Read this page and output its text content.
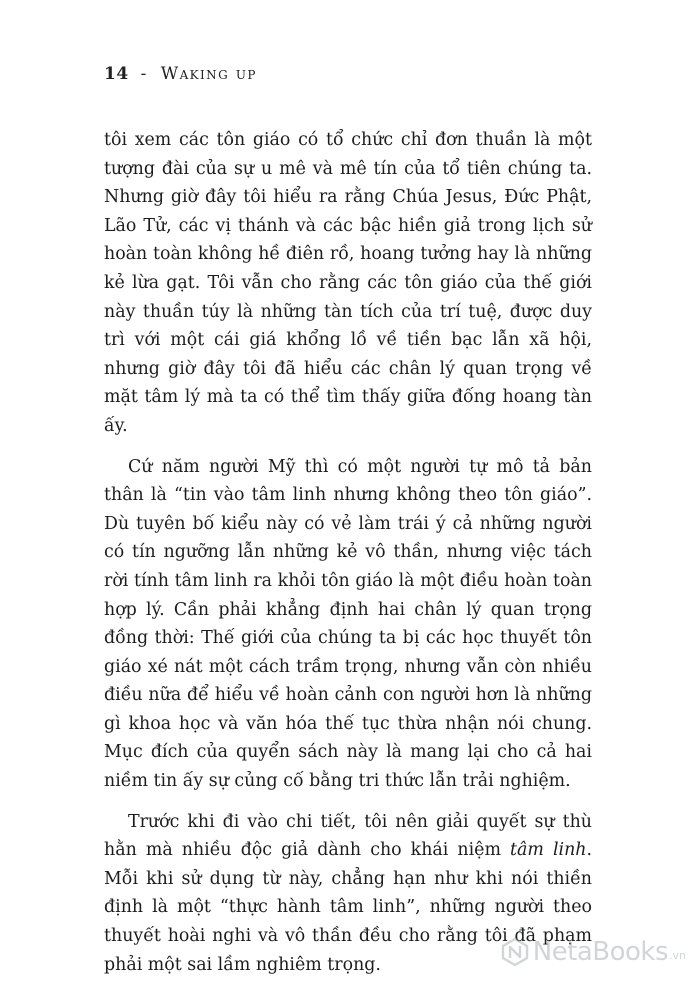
14 - Waking up

tôi xem các tôn giáo có tổ chức chỉ đơn thuần là một tượng đài của sự u mê và mê tín của tổ tiên chúng ta. Nhưng giờ đây tôi hiểu ra rằng Chúa Jesus, Đức Phật, Lão Tử, các vị thánh và các bậc hiền giả trong lịch sử hoàn toàn không hề điên rồ, hoang tưởng hay là những kẻ lừa gạt. Tôi vẫn cho rằng các tôn giáo của thế giới này thuần túy là những tàn tích của trí tuệ, được duy trì với một cái giá khổng lồ về tiền bạc lẫn xã hội, nhưng giờ đây tôi đã hiểu các chân lý quan trọng về mặt tâm lý mà ta có thể tìm thấy giữa đống hoang tàn ấy.

Cứ năm người Mỹ thì có một người tự mô tả bản thân là “tin vào tâm linh nhưng không theo tôn giáo”. Dù tuyên bố kiểu này có vẻ làm trái ý cả những người có tín ngưỡng lẫn những kẻ vô thần, nhưng việc tách rời tính tâm linh ra khỏi tôn giáo là một điều hoàn toàn hợp lý. Cần phải khẳng định hai chân lý quan trọng đồng thời: Thế giới của chúng ta bị các học thuyết tôn giáo xé nát một cách trầm trọng, nhưng vẫn còn nhiều điều nữa để hiểu về hoàn cảnh con người hơn là những gì khoa học và văn hóa thế tục thừa nhận nói chung. Mục đích của quyển sách này là mang lại cho cả hai niềm tin ấy sự củng cố bằng tri thức lẫn trải nghiệm.

Trước khi đi vào chi tiết, tôi nên giải quyết sự thù hằn mà nhiều độc giả dành cho khái niệm tâm linh. Mỗi khi sử dụng từ này, chẳng hạn như khi nói thiền định là một “thực hành tâm linh”, những người theo thuyết hoài nghi và vô thần đều cho rằng tôi đã phạm phải một sai lầm nghiêm trọng.	NetaBooks .vn
